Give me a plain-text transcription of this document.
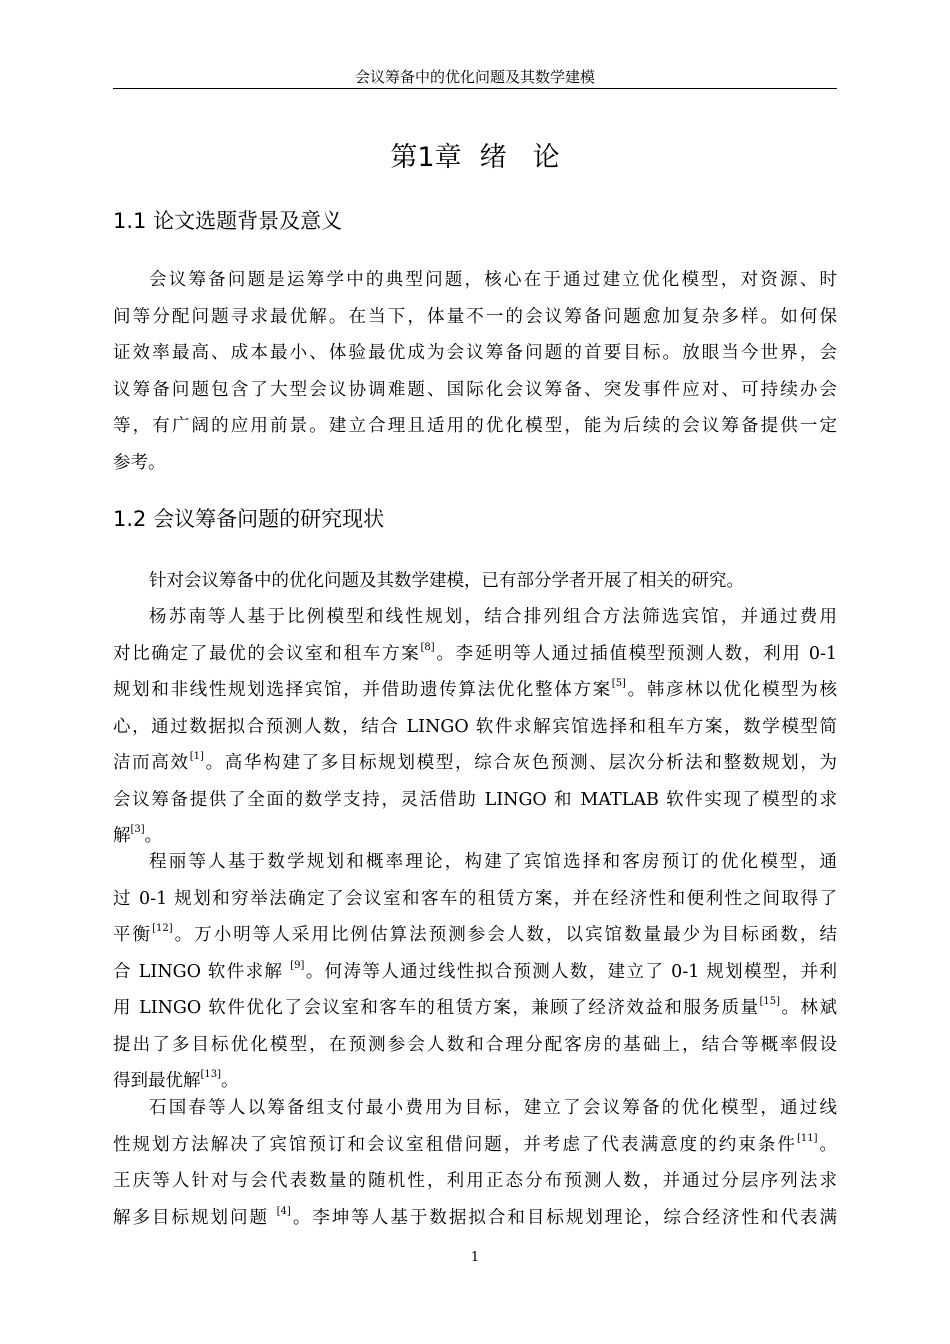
会议筹备中的优化问题及其数学建模
第1章 绪 论
1.1 论文选题背景及意义
会议筹备问题是运筹学中的典型问题，核心在于通过建立优化模型，对资源、时
间等分配问题寻求最优解。在当下，体量不一的会议筹备问题愈加复杂多样。如何保
证效率最高、成本最小、体验最优成为会议筹备问题的首要目标。放眼当今世界，会
议筹备问题包含了大型会议协调难题、国际化会议筹备、突发事件应对、可持续办会
等，有广阔的应用前景。建立合理且适用的优化模型，能为后续的会议筹备提供一定
参考。
1.2 会议筹备问题的研究现状
针对会议筹备中的优化问题及其数学建模，已有部分学者开展了相关的研究。
杨苏南等人基于比例模型和线性规划，结合排列组合方法筛选宾馆，并通过费用
对比确定了最优的会议室和租车方案[8]。李延明等人通过插值模型预测人数，利用 0-1
规划和非线性规划选择宾馆，并借助遗传算法优化整体方案[5]。韩彦林以优化模型为核
心，通过数据拟合预测人数，结合 LINGO 软件求解宾馆选择和租车方案，数学模型简
洁而高效[1]。高华构建了多目标规划模型，综合灰色预测、层次分析法和整数规划，为
会议筹备提供了全面的数学支持，灵活借助 LINGO 和 MATLAB 软件实现了模型的求
解[3]。
程丽等人基于数学规划和概率理论，构建了宾馆选择和客房预订的优化模型，通
过 0-1 规划和穷举法确定了会议室和客车的租赁方案，并在经济性和便利性之间取得了
平衡[12]。万小明等人采用比例估算法预测参会人数，以宾馆数量最少为目标函数，结
合 LINGO 软件求解 [9]。何涛等人通过线性拟合预测人数，建立了 0-1 规划模型，并利
用 LINGO 软件优化了会议室和客车的租赁方案，兼顾了经济效益和服务质量[15]。林斌
提出了多目标优化模型，在预测参会人数和合理分配客房的基础上，结合等概率假设
得到最优解[13]。
石国春等人以筹备组支付最小费用为目标，建立了会议筹备的优化模型，通过线
性规划方法解决了宾馆预订和会议室租借问题，并考虑了代表满意度的约束条件[11]。
王庆等人针对与会代表数量的随机性，利用正态分布预测人数，并通过分层序列法求
解多目标规划问题 [4]。李坤等人基于数据拟合和目标规划理论，综合经济性和代表满
1
